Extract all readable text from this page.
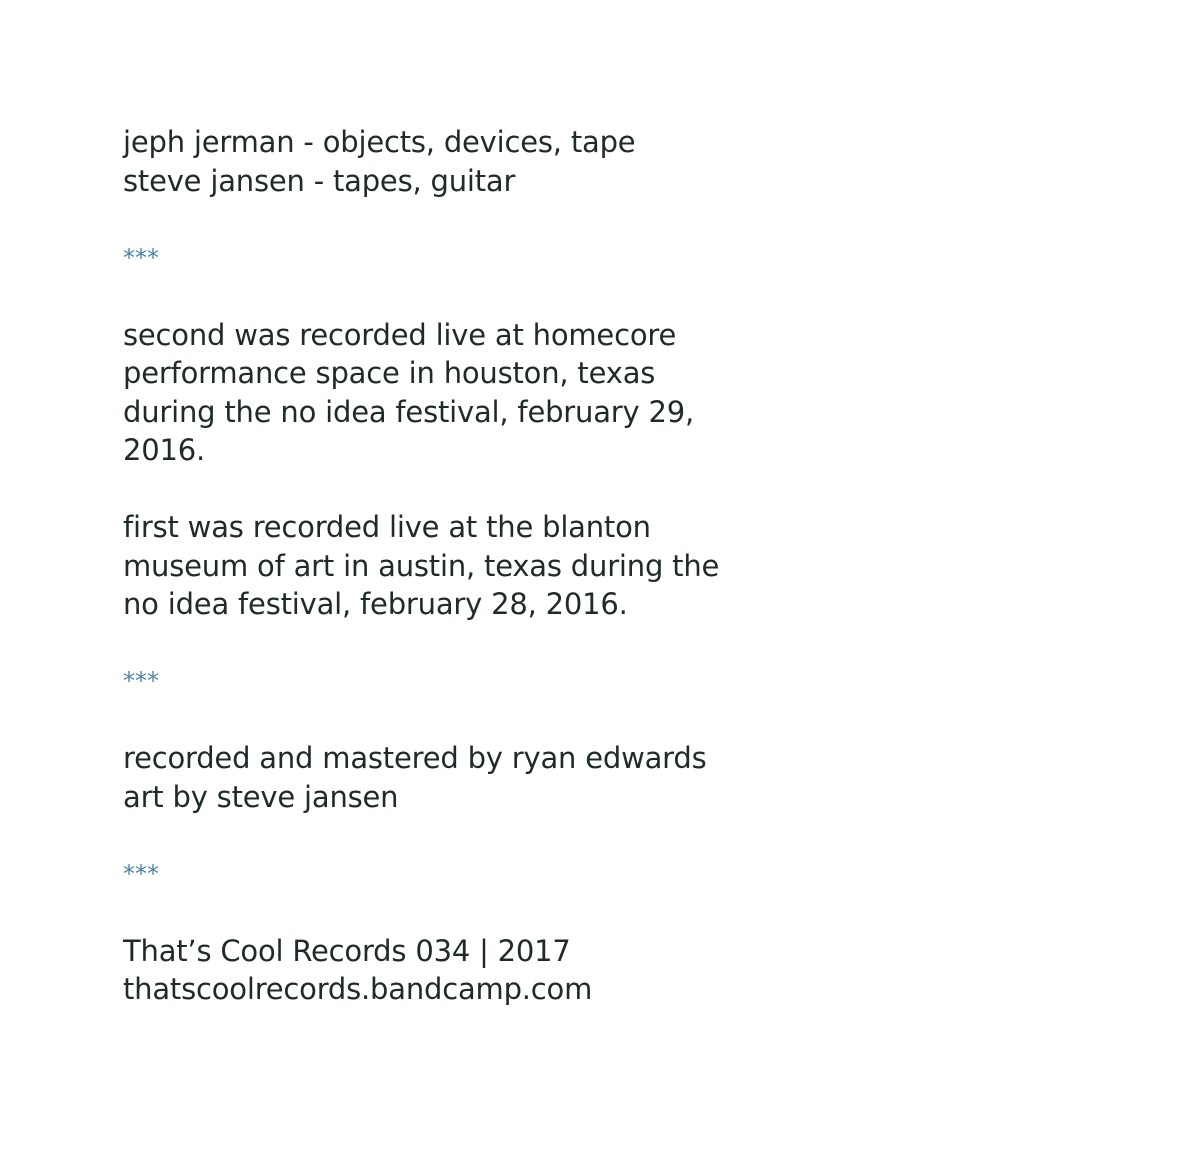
jeph jerman - objects, devices, tape
steve jansen - tapes, guitar
***
second was recorded live at homecore
performance space in houston, texas
during the no idea festival, february 29,
2016.
first was recorded live at the blanton
museum of art in austin, texas during the
no idea festival, february 28, 2016.
***
recorded and mastered by ryan edwards
art by steve jansen
***
That’s Cool Records 034 | 2017
thatscoolrecords.bandcamp.com
